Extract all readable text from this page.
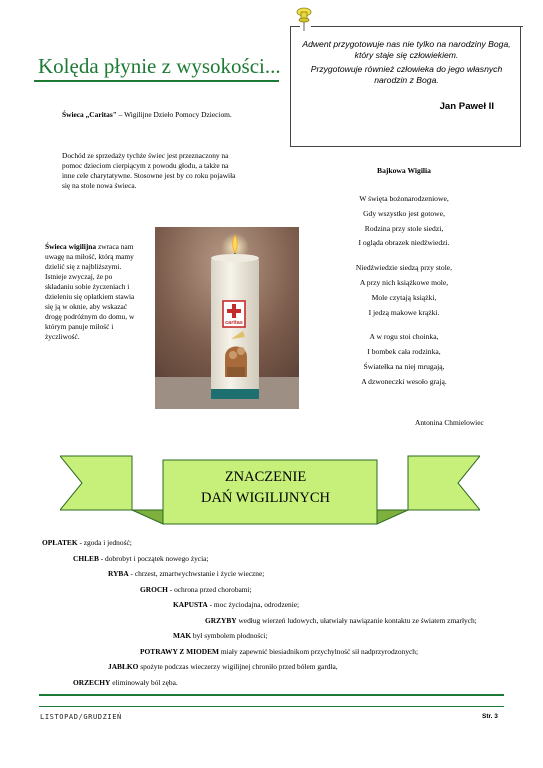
Kolęda płynie z wysokości...

Adwent przygotowuje nas nie tylko na narodziny Boga, który staje się człowiekiem.

Przygotowuje również człowieka do jego własnych narodzin z Boga.

Jan Paweł II
Świeca „Caritas" – Wigilijne Dzieło Pomocy Dzieciom.
Dochód ze sprzedaży tychże świec jest przeznaczony na pomoc dzieciom cierpiącym z powodu głodu, a także na inne cele charytatywne. Stosowne jest by co roku pojawiła się na stole nowa świeca.
Świeca wigilijna zwraca nam uwagę na miłość, którą mamy dzielić się z najbliższymi. Istnieje zwyczaj, że po składaniu sobie życzeniach i dzieleniu się opłatkiem stawia się ją w oknie, aby wskazać drogę podróżnym do domu, w którym panuje miłość i życzliwość.
caritas
Bajkowa Wigilia
W święta bożonarodzeniowe,
Gdy wszystko jest gotowe,
Rodzina przy stole siedzi,
I ogląda obrazek niedźwiedzi.
Niedźwiedzie siedzą przy stole,
A przy nich książkowe mole,
Mole czytają książki,
I jedzą makowe krążki.
A w rogu stoi choinka,
I bombek cała rodzinka,
Światełka na niej mrugają,
A dzwoneczki wesoło grają.
Antonina Chmielowiec
ZNACZENIE
DAŃ WIGILIJNYCH
OPŁATEK - zgoda i jedność;
CHLEB - dobrobyt i początek nowego życia;
RYBA - chrzest, zmartwychwstanie i życie wieczne;
GROCH - ochrona przed chorobami;
KAPUSTA - moc życiodajna, odrodzenie;
GRZYBY według wierzeń ludowych, ułatwiały nawiązanie kontaktu ze światem zmarłych;
MAK był symbolem płodności;
POTRAWY Z MIODEM miały zapewnić biesiadnikom przychylność sił nadprzyrodzonych;
JABŁKO spożyte podczas wieczerzy wigilijnej chroniło przed bólem gardła,
ORZECHY eliminowały ból zęba.
LISTOPAD/GRUDZIEŃ	Str. 3
